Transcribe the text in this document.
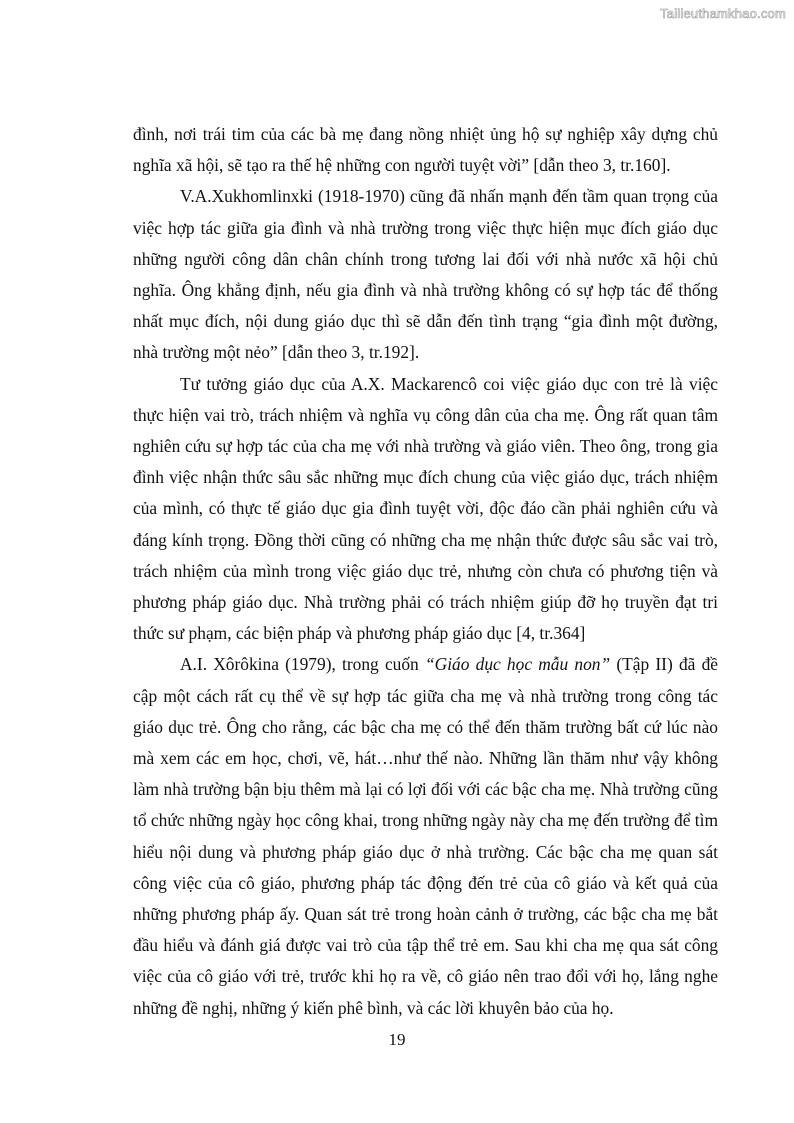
Tailieuthamkhao.com

đình, nơi trái tim của các bà mẹ đang nồng nhiệt ủng hộ sự nghiệp xây dựng chủ nghĩa xã hội, sẽ tạo ra thế hệ những con người tuyệt vời” [dẫn theo 3, tr.160].

V.A.Xukhomlinxki (1918-1970) cũng đã nhấn mạnh đến tầm quan trọng của việc hợp tác giữa gia đình và nhà trường trong việc thực hiện mục đích giáo dục những người công dân chân chính trong tương lai đối với nhà nước xã hội chủ nghĩa. Ông khẳng định, nếu gia đình và nhà trường không có sự hợp tác để thống nhất mục đích, nội dung giáo dục thì sẽ dẫn đến tình trạng “gia đình một đường, nhà trường một nẻo” [dẫn theo 3, tr.192].

Tư tưởng giáo dục của A.X. Mackarencô coi việc giáo dục con trẻ là việc thực hiện vai trò, trách nhiệm và nghĩa vụ công dân của cha mẹ. Ông rất quan tâm nghiên cứu sự hợp tác của cha mẹ với nhà trường và giáo viên. Theo ông, trong gia đình việc nhận thức sâu sắc những mục đích chung của việc giáo dục, trách nhiệm của mình, có thực tế giáo dục gia đình tuyệt vời, độc đáo cần phải nghiên cứu và đáng kính trọng. Đồng thời cũng có những cha mẹ nhận thức được sâu sắc vai trò, trách nhiệm của mình trong việc giáo dục trẻ, nhưng còn chưa có phương tiện và phương pháp giáo dục. Nhà trường phải có trách nhiệm giúp đỡ họ truyền đạt tri thức sư phạm, các biện pháp và phương pháp giáo dục [4, tr.364]

A.I. Xôrôkina (1979), trong cuốn “Giáo dục học mẫu non” (Tập II) đã đề cập một cách rất cụ thể về sự hợp tác giữa cha mẹ và nhà trường trong công tác giáo dục trẻ. Ông cho rằng, các bậc cha mẹ có thể đến thăm trường bất cứ lúc nào mà xem các em học, chơi, vẽ, hát…như thế nào. Những lần thăm như vậy không làm nhà trường bận bịu thêm mà lại có lợi đối với các bậc cha mẹ. Nhà trường cũng tổ chức những ngày học công khai, trong những ngày này cha mẹ đến trường để tìm hiểu nội dung và phương pháp giáo dục ở nhà trường. Các bậc cha mẹ quan sát công việc của cô giáo, phương pháp tác động đến trẻ của cô giáo và kết quả của những phương pháp ấy. Quan sát trẻ trong hoàn cảnh ở trường, các bậc cha mẹ bắt đầu hiểu và đánh giá được vai trò của tập thể trẻ em. Sau khi cha mẹ qua sát công việc của cô giáo với trẻ, trước khi họ ra về, cô giáo nên trao đổi với họ, lắng nghe những đề nghị, những ý kiến phê bình, và các lời khuyên bảo của họ.

19
